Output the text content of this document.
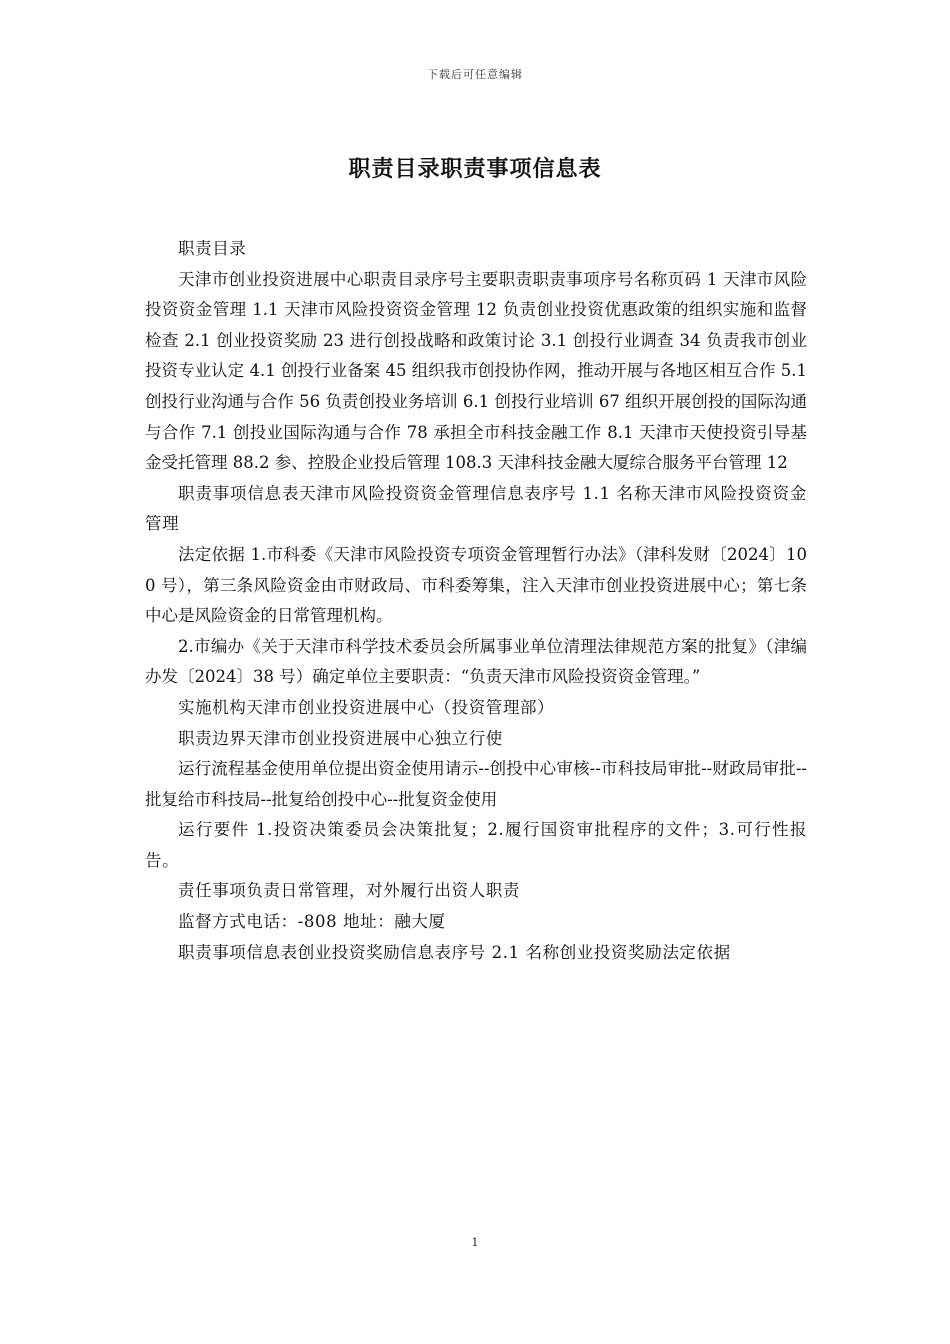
下载后可任意编辑
职责目录职责事项信息表

职责目录

天津市创业投资进展中心职责目录序号主要职责职责事项序号名称页码 1 天津市风险投资资金管理 1.1 天津市风险投资资金管理 12 负责创业投资优惠政策的组织实施和监督检查 2.1 创业投资奖励 23 进行创投战略和政策讨论 3.1 创投行业调查 34 负责我市创业投资专业认定 4.1 创投行业备案 45 组织我市创投协作网，推动开展与各地区相互合作 5.1 创投行业沟通与合作 56 负责创投业务培训 6.1 创投行业培训 67 组织开展创投的国际沟通与合作 7.1 创投业国际沟通与合作 78 承担全市科技金融工作 8.1 天津市天使投资引导基金受托管理 88.2 参、控股企业投后管理 108.3 天津科技金融大厦综合服务平台管理 12

职责事项信息表天津市风险投资资金管理信息表序号 1.1 名称天津市风险投资资金管理

法定依据 1.市科委《天津市风险投资专项资金管理暂行办法》（津科发财〔2024〕100 号），第三条风险资金由市财政局、市科委筹集，注入天津市创业投资进展中心；第七条中心是风险资金的日常管理机构。

2.市编办《关于天津市科学技术委员会所属事业单位清理法律规范方案的批复》（津编办发〔2024〕38 号）确定单位主要职责：“负责天津市风险投资资金管理。”

实施机构天津市创业投资进展中心（投资管理部）

职责边界天津市创业投资进展中心独立行使

运行流程基金使用单位提出资金使用请示--创投中心审核--市科技局审批--财政局审批--批复给市科技局--批复给创投中心--批复资金使用

运行要件 1.投资决策委员会决策批复；2.履行国资审批程序的文件；3.可行性报告。

责任事项负责日常管理，对外履行出资人职责

监督方式电话：-808 地址：融大厦

职责事项信息表创业投资奖励信息表序号 2.1 名称创业投资奖励法定依据

1
